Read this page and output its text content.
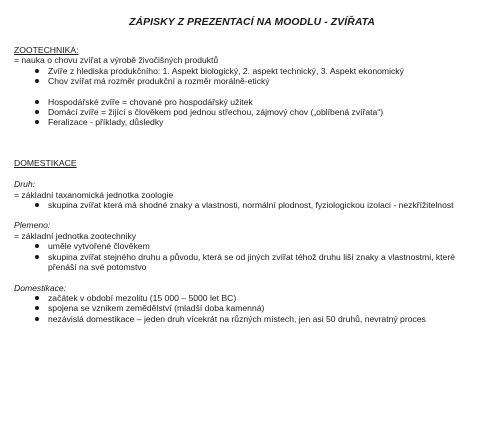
ZÁPISKY Z PREZENTACÍ NA MOODLU - ZVÍŘATA
ZOOTECHNIKA:
= nauka o chovu zvířat a výrobě živočišných produktů
Zvíře z hlediska produkčního: 1. Aspekt biologický, 2. aspekt technický, 3. Aspekt ekonomický
Chov zvířat má rozměr produkční a rozměr morálně-etický
Hospodářské zvíře = chované pro hospodářský užitek
Domácí zvíře = žijící s člověkem pod jednou střechou, zájmový chov („oblíbená zvířata“)
Feralizace - příklady, důsledky
DOMESTIKACE
Druh:
= základní taxanomická jednotka zoologie
skupina zvířat která má shodné znaky a vlastnosti, normální plodnost, fyziologickou izolaci - nezkřížitelnost
Plemeno:
= základní jednotka zootechniky
uměle vytvořené člověkem
skupina zvířat stejného druhu a původu, která se od jiných zvířat téhož druhu liší znaky a vlastnostmi, které přenáší na své potomstvo
Domestikace:
začátek v období mezolitu (15 000 – 5000 let BC)
spojena se vznikem zemědělství (mladší doba kamenná)
nezávislá domestikace – jeden druh vícekrát na různých místech, jen asi 50 druhů, nevratný proces
